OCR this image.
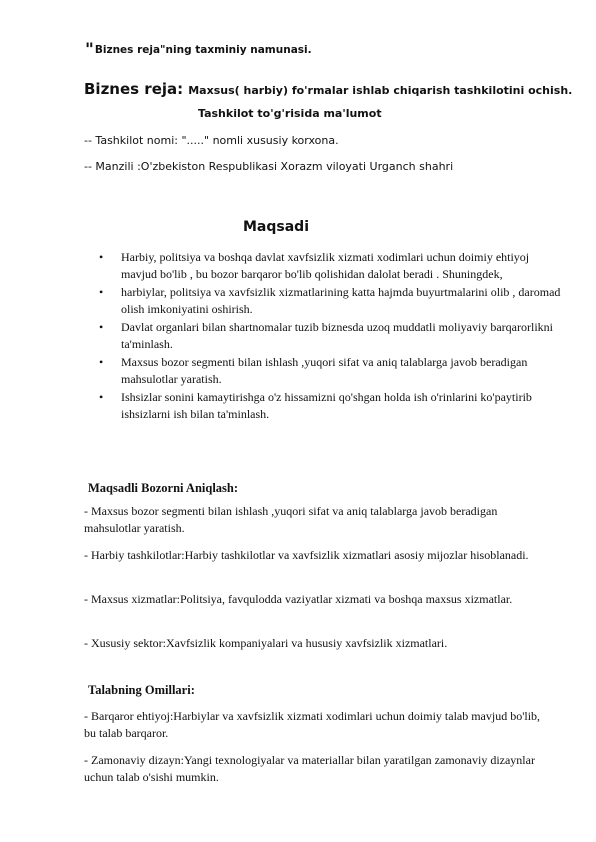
"Biznes reja"ning taxminiy namunasi.
Biznes reja: Maxsus( harbiy) fo'rmalar ishlab chiqarish tashkilotini ochish.
Tashkilot to'g'risida ma'lumot
-- Tashkilot nomi: "....." nomli xususiy korxona.
-- Manzili :O'zbekiston Respublikasi Xorazm viloyati Urganch shahri
Maqsadi
• Harbiy, politsiya va boshqa davlat xavfsizlik xizmati xodimlari uchun doimiy ehtiyoj mavjud bo'lib , bu bozor barqaror bo'lib qolishidan dalolat beradi . Shuningdek,
• harbiylar, politsiya va xavfsizlik xizmatlarining katta hajmda buyurtmalarini olib , daromad olish imkoniyatini oshirish.
• Davlat organlari bilan shartnomalar tuzib biznesda uzoq muddatli moliyaviy barqarorlikni ta'minlash.
• Maxsus bozor segmenti bilan ishlash ,yuqori sifat va aniq talablarga javob beradigan mahsulotlar yaratish.
• Ishsizlar sonini kamaytirishga o'z hissamizni qo'shgan holda ish o'rinlarini ko'paytirib ishsizlarni ish bilan ta'minlash.
Maqsadli Bozorni Aniqlash:

- Maxsus bozor segmenti bilan ishlash ,yuqori sifat va aniq talablarga javob beradigan mahsulotlar yaratish.

- Harbiy tashkilotlar:Harbiy tashkilotlar va xavfsizlik xizmatlari asosiy mijozlar hisoblanadi.

- Maxsus xizmatlar:Politsiya, favqulodda vaziyatlar xizmati va boshqa maxsus xizmatlar.

- Xususiy sektor:Xavfsizlik kompaniyalari va hususiy xavfsizlik xizmatlari.

Talabning Omillari:

- Barqaror ehtiyoj:Harbiylar va xavfsizlik xizmati xodimlari uchun doimiy talab mavjud bo'lib, bu talab barqaror.

- Zamonaviy dizayn:Yangi texnologiyalar va materiallar bilan yaratilgan zamonaviy dizaynlar uchun talab o'sishi mumkin.
